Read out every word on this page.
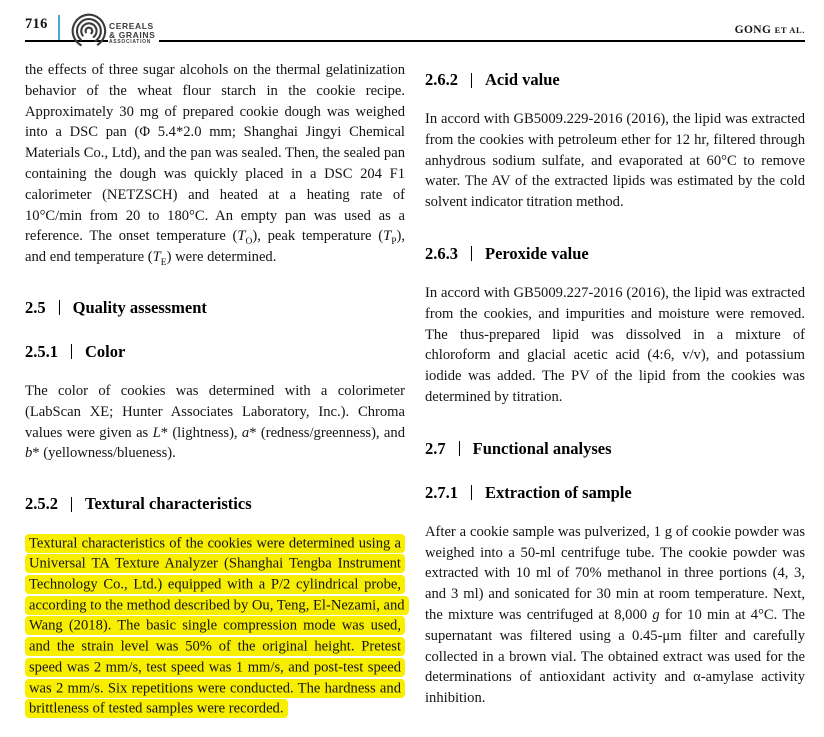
716	CEREALS
& GRAINS
ASSOCIATION
GONG ET AL.

the effects of three sugar alcohols on the thermal gelatinization behavior of the wheat flour starch in the cookie recipe. Approximately 30 mg of prepared cookie dough was weighed into a DSC pan (Φ 5.4*2.0 mm; Shanghai Jingyi Chemical Materials Co., Ltd), and the pan was sealed. Then, the sealed pan containing the dough was quickly placed in a DSC 204 F1 calorimeter (NETZSCH) and heated at a heating rate of 10°C/min from 20 to 180°C. An empty pan was used as a reference. The onset temperature $(T_O)$, peak temperature $(T_P)$, and end temperature $(T_E)$ were determined.

2.5 Quality assessment
2.5.1 Color

The color of cookies was determined with a colorimeter (LabScan XE; Hunter Associates Laboratory, Inc.). Chroma values were given as L* (lightness), a* (redness/greenness), and b* (yellowness/blueness).

2.5.2 Textural characteristics

Textural characteristics of the cookies were determined using a Universal TA Texture Analyzer (Shanghai Tengba Instrument Technology Co., Ltd.) equipped with a P/2 cylindrical probe, according to the method described by Ou, Teng, El-Nezami, and Wang (2018). The basic single compression mode was used, and the strain level was 50% of the original height. Pretest speed was 2 mm/s, test speed was 1 mm/s, and post-test speed was 2 mm/s. Six repetitions were conducted. The hardness and brittleness of tested samples were recorded.

2.6.2 Acid value

In accord with GB5009.229-2016 (2016), the lipid was extracted from the cookies with petroleum ether for 12 hr, filtered through anhydrous sodium sulfate, and evaporated at 60°C to remove water. The AV of the extracted lipids was estimated by the cold solvent indicator titration method.

2.6.3 Peroxide value

In accord with GB5009.227-2016 (2016), the lipid was extracted from the cookies, and impurities and moisture were removed. The thus-prepared lipid was dissolved in a mixture of chloroform and glacial acetic acid (4:6, v/v), and potassium iodide was added. The PV of the lipid from the cookies was determined by titration.

2.7 Functional analyses
2.7.1 Extraction of sample

After a cookie sample was pulverized, 1 g of cookie powder was weighed into a 50-ml centrifuge tube. The cookie powder was extracted with 10 ml of 70% methanol in three portions (4, 3, and 3 ml) and sonicated for 30 min at room temperature. Next, the mixture was centrifuged at 8,000 g for 10 min at 4°C. The supernatant was filtered using a 0.45-μm filter and carefully collected in a brown vial. The obtained extract was used for the determinations of antioxidant activity and α-amylase activity inhibition.
